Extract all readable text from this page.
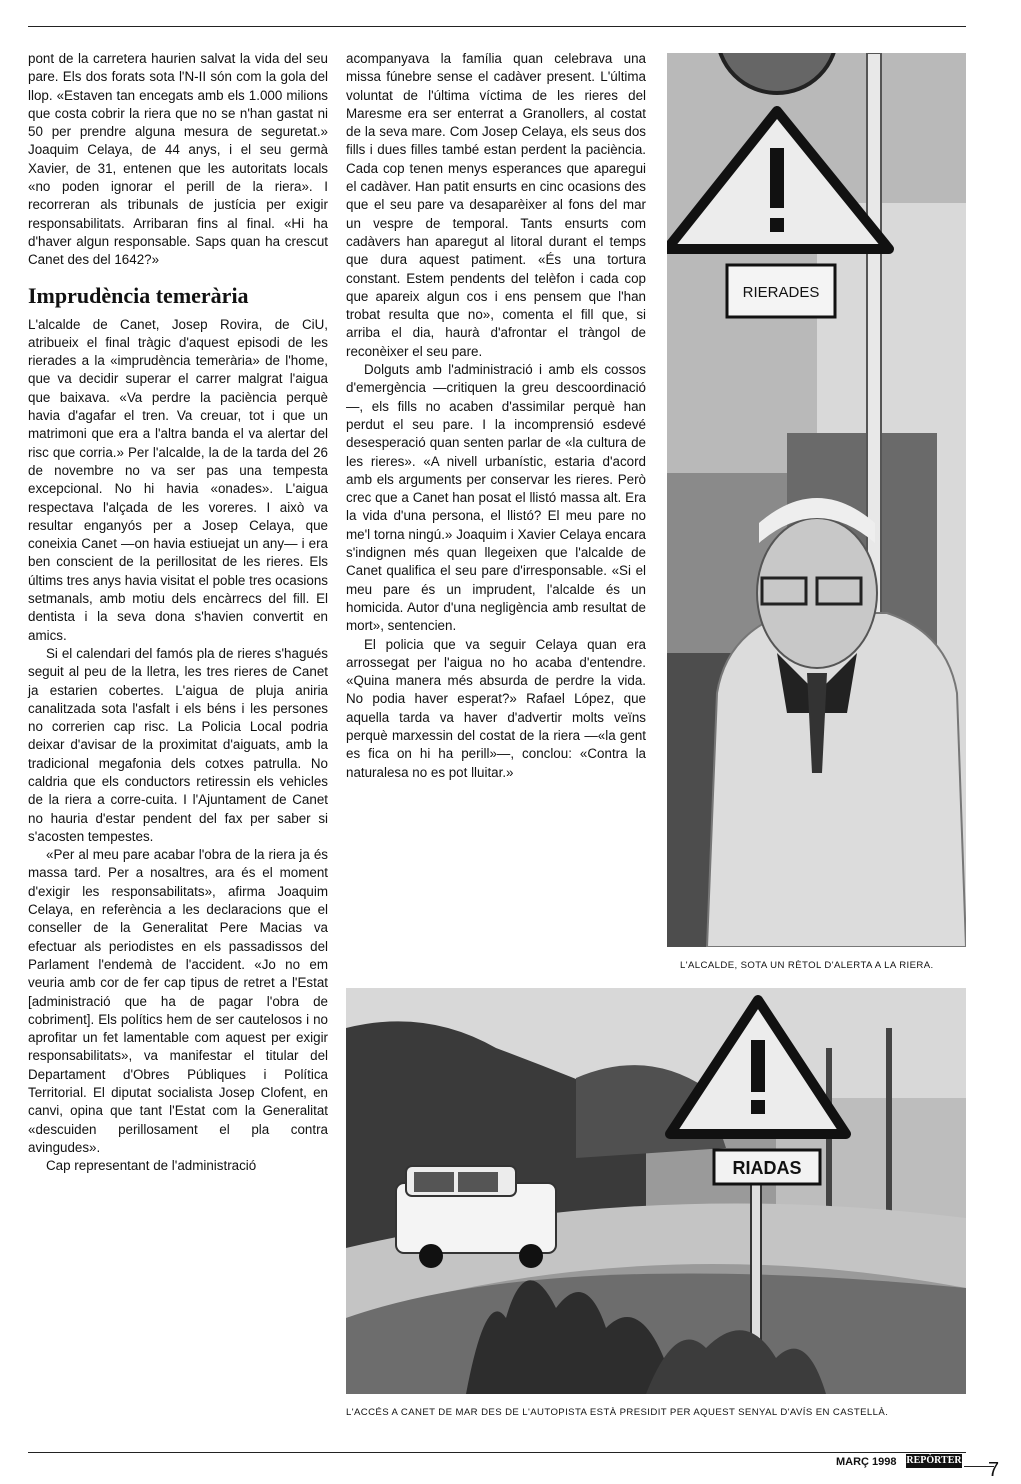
pont de la carretera haurien salvat la vida del seu pare. Els dos forats sota l'N-II són com la gola del llop. «Estaven tan encegats amb els 1.000 milions que costa cobrir la riera que no se n'han gastat ni 50 per prendre alguna mesura de seguretat.» Joaquim Celaya, de 44 anys, i el seu germà Xavier, de 31, entenen que les autoritats locals «no poden ignorar el perill de la riera». I recorreran als tribunals de justícia per exigir responsabilitats. Arribaran fins al final. «Hi ha d'haver algun responsable. Saps quan ha crescut Canet des del 1642?»

Imprudència temerària

L'alcalde de Canet, Josep Rovira, de CiU, atribueix el final tràgic d'aquest episodi de les rierades a la «imprudència temerària» de l'home, que va decidir superar el carrer malgrat l'aigua que baixava. «Va perdre la paciència perquè havia d'agafar el tren. Va creuar, tot i que un matrimoni que era a l'altra banda el va alertar del risc que corria.» Per l'alcalde, la de la tarda del 26 de novembre no va ser pas una tempesta excepcional. No hi havia «onades». L'aigua respectava l'alçada de les voreres. I això va resultar enganyós per a Josep Celaya, que coneixia Canet —on havia estiuejat un any— i era ben conscient de la perillositat de les rieres. Els últims tres anys havia visitat el poble tres ocasions setmanals, amb motiu dels encàrrecs del fill. El dentista i la seva dona s'havien convertit en amics.

Si el calendari del famós pla de rieres s'hagués seguit al peu de la lletra, les tres rieres de Canet ja estarien cobertes. L'aigua de pluja aniria canalitzada sota l'asfalt i els béns i les persones no correrien cap risc. La Policia Local podria deixar d'avisar de la proximitat d'aiguats, amb la tradicional megafonia dels cotxes patrulla. No caldria que els conductors retiressin els vehicles de la riera a corre-cuita. I l'Ajuntament de Canet no hauria d'estar pendent del fax per saber si s'acosten tempestes.

«Per al meu pare acabar l'obra de la riera ja és massa tard. Per a nosaltres, ara és el moment d'exigir les responsabilitats», afirma Joaquim Celaya, en referència a les declaracions que el conseller de la Generalitat Pere Macias va efectuar als periodistes en els passadissos del Parlament l'endemà de l'accident. «Jo no em veuria amb cor de fer cap tipus de retret a l'Estat [administració que ha de pagar l'obra de cobriment]. Els polítics hem de ser cautelosos i no aprofitar un fet lamentable com aquest per exigir responsabilitats», va manifestar el titular del Departament d'Obres Públiques i Política Territorial. El diputat socialista Josep Clofent, en canvi, opina que tant l'Estat com la Generalitat «descuiden perillosament el pla contra avingudes».

Cap representant de l'administració

acompanyava la família quan celebrava una missa fúnebre sense el cadàver present. L'última voluntat de l'última víctima de les rieres del Maresme era ser enterrat a Granollers, al costat de la seva mare. Com Josep Celaya, els seus dos fills i dues filles també estan perdent la paciència. Cada cop tenen menys esperances que aparegui el cadàver. Han patit ensurts en cinc ocasions des que el seu pare va desaparèixer al fons del mar un vespre de temporal. Tants ensurts com cadàvers han aparegut al litoral durant el temps que dura aquest patiment. «És una tortura constant. Estem pendents del telèfon i cada cop que apareix algun cos i ens pensem que l'han trobat resulta que no», comenta el fill que, si arriba el dia, haurà d'afrontar el tràngol de reconèixer el seu pare.

Dolguts amb l'administració i amb els cossos d'emergència —critiquen la greu descoordinació—, els fills no acaben d'assimilar perquè han perdut el seu pare. I la incomprensió esdevé desesperació quan senten parlar de «la cultura de les rieres». «A nivell urbanístic, estaria d'acord amb els arguments per conservar les rieres. Però crec que a Canet han posat el llistó massa alt. Era la vida d'una persona, el llistó? El meu pare no me'l torna ningú.» Joaquim i Xavier Celaya encara s'indignen més quan llegeixen que l'alcalde de Canet qualifica el seu pare d'irresponsable. «Si el meu pare és un imprudent, l'alcalde és un homicida. Autor d'una negligència amb resultat de mort», sentencien.

El policia que va seguir Celaya quan era arrossegat per l'aigua no ho acaba d'entendre. «Quina manera més absurda de perdre la vida. No podia haver esperat?» Rafael López, que aquella tarda va haver d'advertir molts veïns perquè marxessin del costat de la riera —«la gent es fica on hi ha perill»—, conclou: «Contra la naturalesa no es pot lluitar.»

RIERADES
L'ALCALDE, SOTA UN RÈTOL D'ALERTA A LA RIERA.
RIADAS
L'ACCÉS A CANET DE MAR DES DE L'AUTOPISTA ESTÀ PRESIDIT PER AQUEST SENYAL D'AVÍS EN CASTELLÀ.
MARÇ 1998 REPÒRTER 7
